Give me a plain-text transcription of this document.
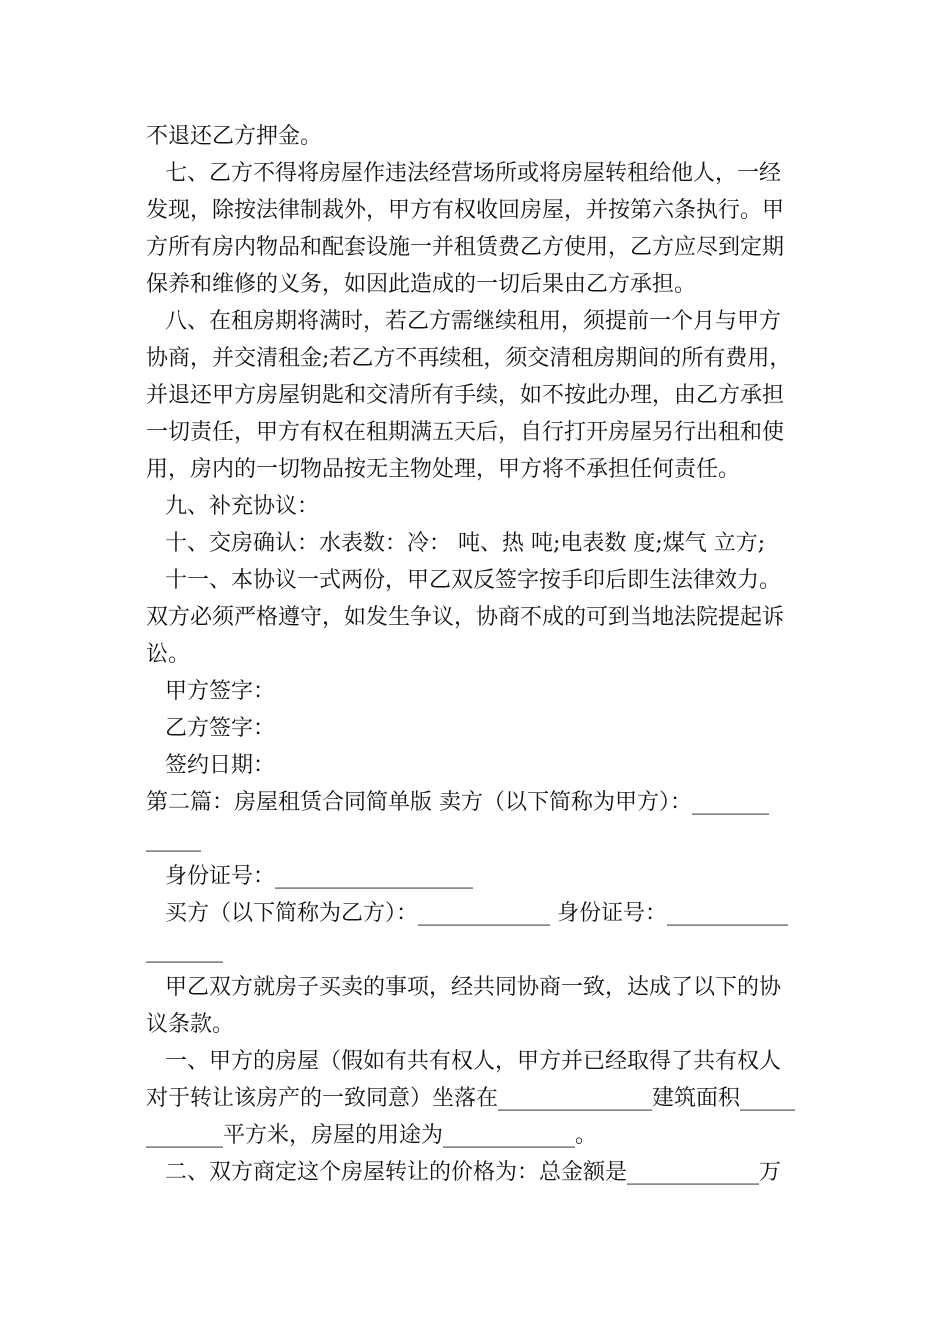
不退还乙方押金。
七、乙方不得将房屋作违法经营场所或将房屋转租给他人，一经
发现，除按法律制裁外，甲方有权收回房屋，并按第六条执行。甲
方所有房内物品和配套设施一并租赁费乙方使用，乙方应尽到定期
保养和维修的义务，如因此造成的一切后果由乙方承担。
八、在租房期将满时，若乙方需继续租用，须提前一个月与甲方
协商，并交清租金;若乙方不再续租，须交清租房期间的所有费用，
并退还甲方房屋钥匙和交清所有手续，如不按此办理，由乙方承担
一切责任，甲方有权在租期满五天后，自行打开房屋另行出租和使
用，房内的一切物品按无主物处理，甲方将不承担任何责任。
九、补充协议：
十、交房确认：水表数：冷： 吨、热 吨;电表数 度;煤气 立方;
十一、本协议一式两份，甲乙双反签字按手印后即生法律效力。
双方必须严格遵守，如发生争议，协商不成的可到当地法院提起诉
讼。
甲方签字：
乙方签字：
签约日期：
第二篇：房屋租赁合同简单版 卖方（以下简称为甲方）：_______
_____
身份证号：__________________
买方（以下简称为乙方）：____________ 身份证号：___________
_______
甲乙双方就房子买卖的事项，经共同协商一致，达成了以下的协
议条款。
一、甲方的房屋（假如有共有权人，甲方并已经取得了共有权人
对于转让该房产的一致同意）坐落在______________建筑面积_____
_______平方米，房屋的用途为____________。
二、双方商定这个房屋转让的价格为：总金额是____________万
